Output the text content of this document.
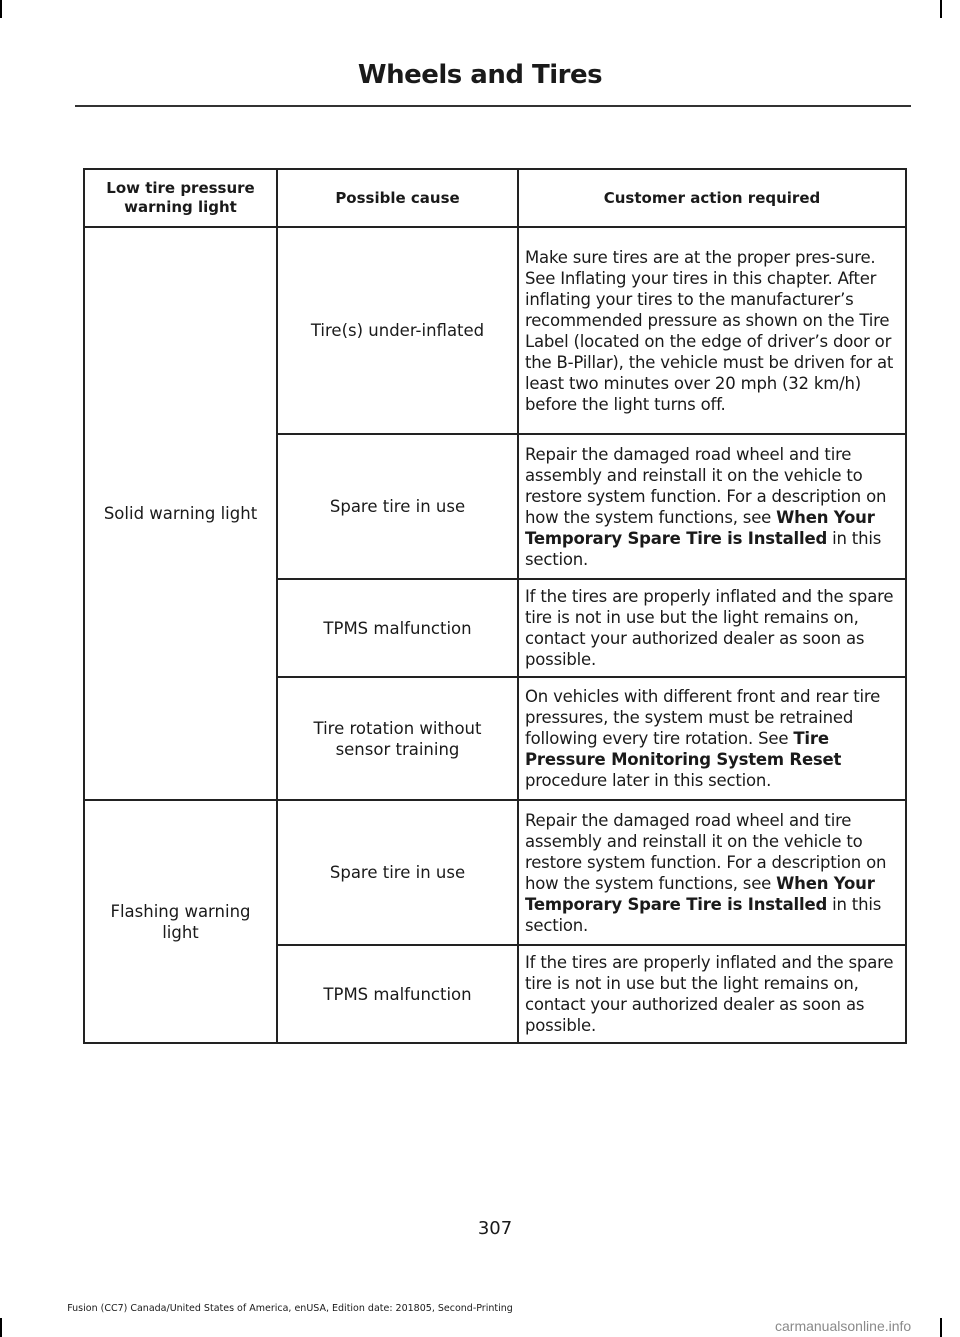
Wheels and Tires
Low tire pressure warning light	Possible cause	Customer action required
Solid warning light	Tire(s) under-inflated	Make sure tires are at the proper pres-sure. See Inflating your tires in this chapter. After inflating your tires to the manufacturer’s recommended pressure as shown on the Tire Label (located on the edge of driver’s door or the B-Pillar), the vehicle must be driven for at least two minutes over 20 mph (32 km/h) before the light turns off.
	Spare tire in use	Repair the damaged road wheel and tire assembly and reinstall it on the vehicle to restore system function. For a description on how the system functions, see When Your Temporary Spare Tire is Installed in this section.
	TPMS malfunction	If the tires are properly inflated and the spare tire is not in use but the light remains on, contact your authorized dealer as soon as possible.
	Tire rotation without sensor training	On vehicles with different front and rear tire pressures, the system must be retrained following every tire rotation. See Tire Pressure Monitoring System Reset procedure later in this section.
Flashing warning light	Spare tire in use	Repair the damaged road wheel and tire assembly and reinstall it on the vehicle to restore system function. For a description on how the system functions, see When Your Temporary Spare Tire is Installed in this section.
	TPMS malfunction	If the tires are properly inflated and the spare tire is not in use but the light remains on, contact your authorized dealer as soon as possible.
307
Fusion (CC7) Canada/United States of America, enUSA, Edition date: 201805, Second-Printing
carmanualsonline.info
